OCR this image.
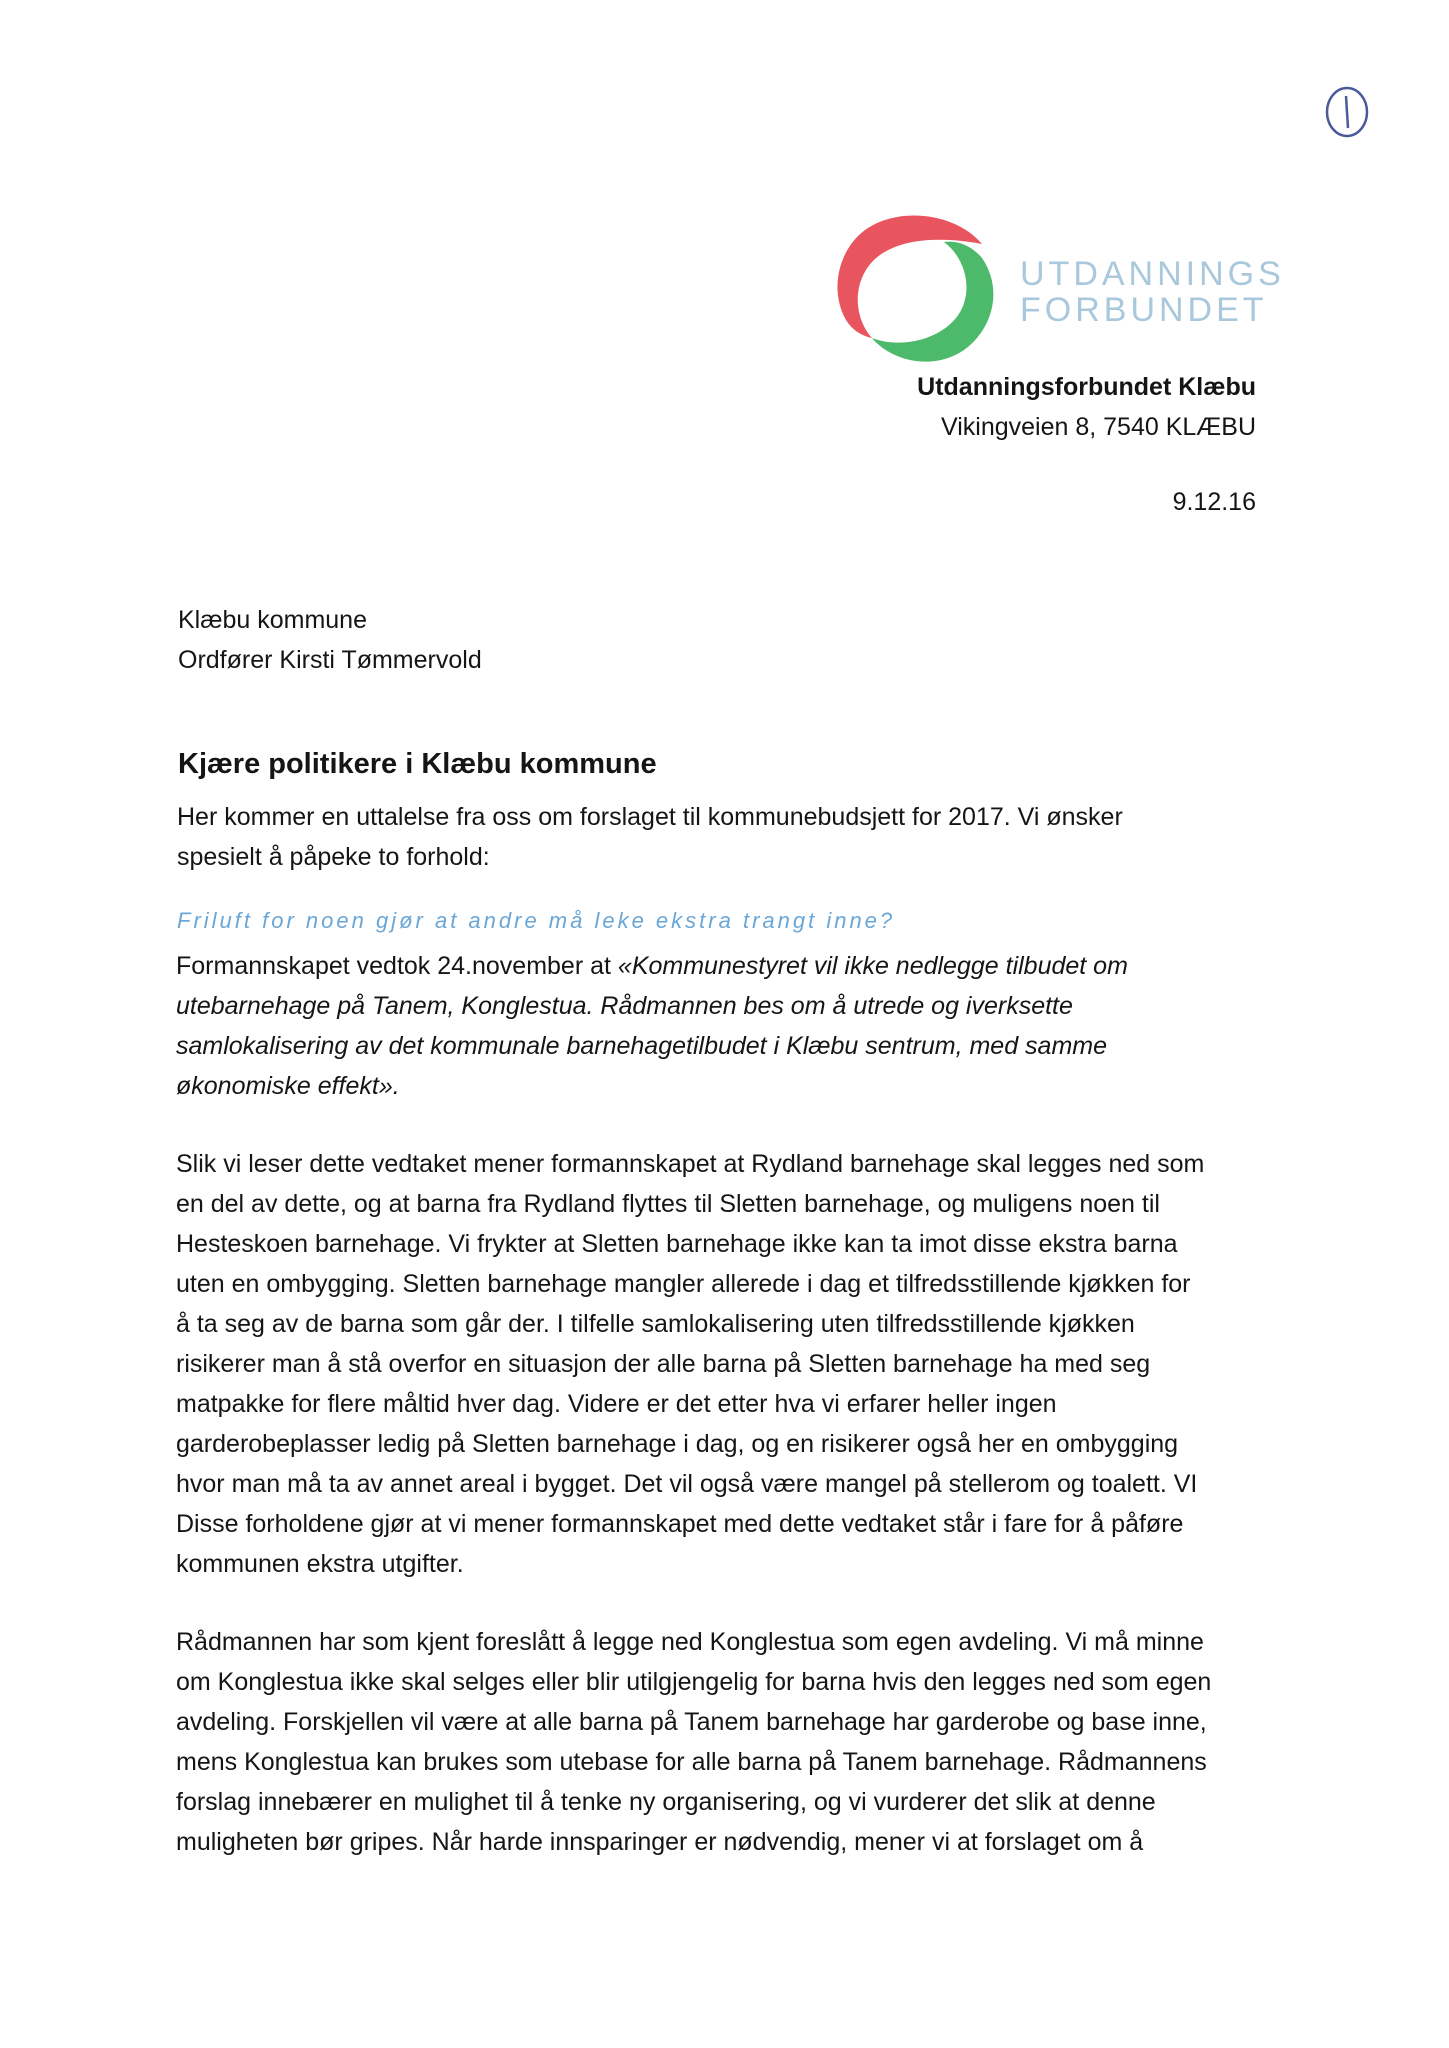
UTDANNINGS
FORBUNDET
Utdanningsforbundet Klæbu
Vikingveien 8, 7540 KLÆBU
9.12.16
Klæbu kommune
Ordfører Kirsti Tømmervold
Kjære politikere i Klæbu kommune
Her kommer en uttalelse fra oss om forslaget til kommunebudsjett for 2017. Vi ønsker
spesielt å påpeke to forhold:
Friluft for noen gjør at andre må leke ekstra trangt inne?
Formannskapet vedtok 24.november at «Kommunestyret vil ikke nedlegge tilbudet om
utebarnehage på Tanem, Konglestua. Rådmannen bes om å utrede og iverksette
samlokalisering av det kommunale barnehagetilbudet i Klæbu sentrum, med samme
økonomiske effekt».
Slik vi leser dette vedtaket mener formannskapet at Rydland barnehage skal legges ned som
en del av dette, og at barna fra Rydland flyttes til Sletten barnehage, og muligens noen til
Hesteskoen barnehage. Vi frykter at Sletten barnehage ikke kan ta imot disse ekstra barna
uten en ombygging. Sletten barnehage mangler allerede i dag et tilfredsstillende kjøkken for
å ta seg av de barna som går der. I tilfelle samlokalisering uten tilfredsstillende kjøkken
risikerer man å stå overfor en situasjon der alle barna på Sletten barnehage ha med seg
matpakke for flere måltid hver dag. Videre er det etter hva vi erfarer heller ingen
garderobeplasser ledig på Sletten barnehage i dag, og en risikerer også her en ombygging
hvor man må ta av annet areal i bygget. Det vil også være mangel på stellerom og toalett. VI
Disse forholdene gjør at vi mener formannskapet med dette vedtaket står i fare for å påføre
kommunen ekstra utgifter.
Rådmannen har som kjent foreslått å legge ned Konglestua som egen avdeling. Vi må minne
om Konglestua ikke skal selges eller blir utilgjengelig for barna hvis den legges ned som egen
avdeling. Forskjellen vil være at alle barna på Tanem barnehage har garderobe og base inne,
mens Konglestua kan brukes som utebase for alle barna på Tanem barnehage. Rådmannens
forslag innebærer en mulighet til å tenke ny organisering, og vi vurderer det slik at denne
muligheten bør gripes. Når harde innsparinger er nødvendig, mener vi at forslaget om å
